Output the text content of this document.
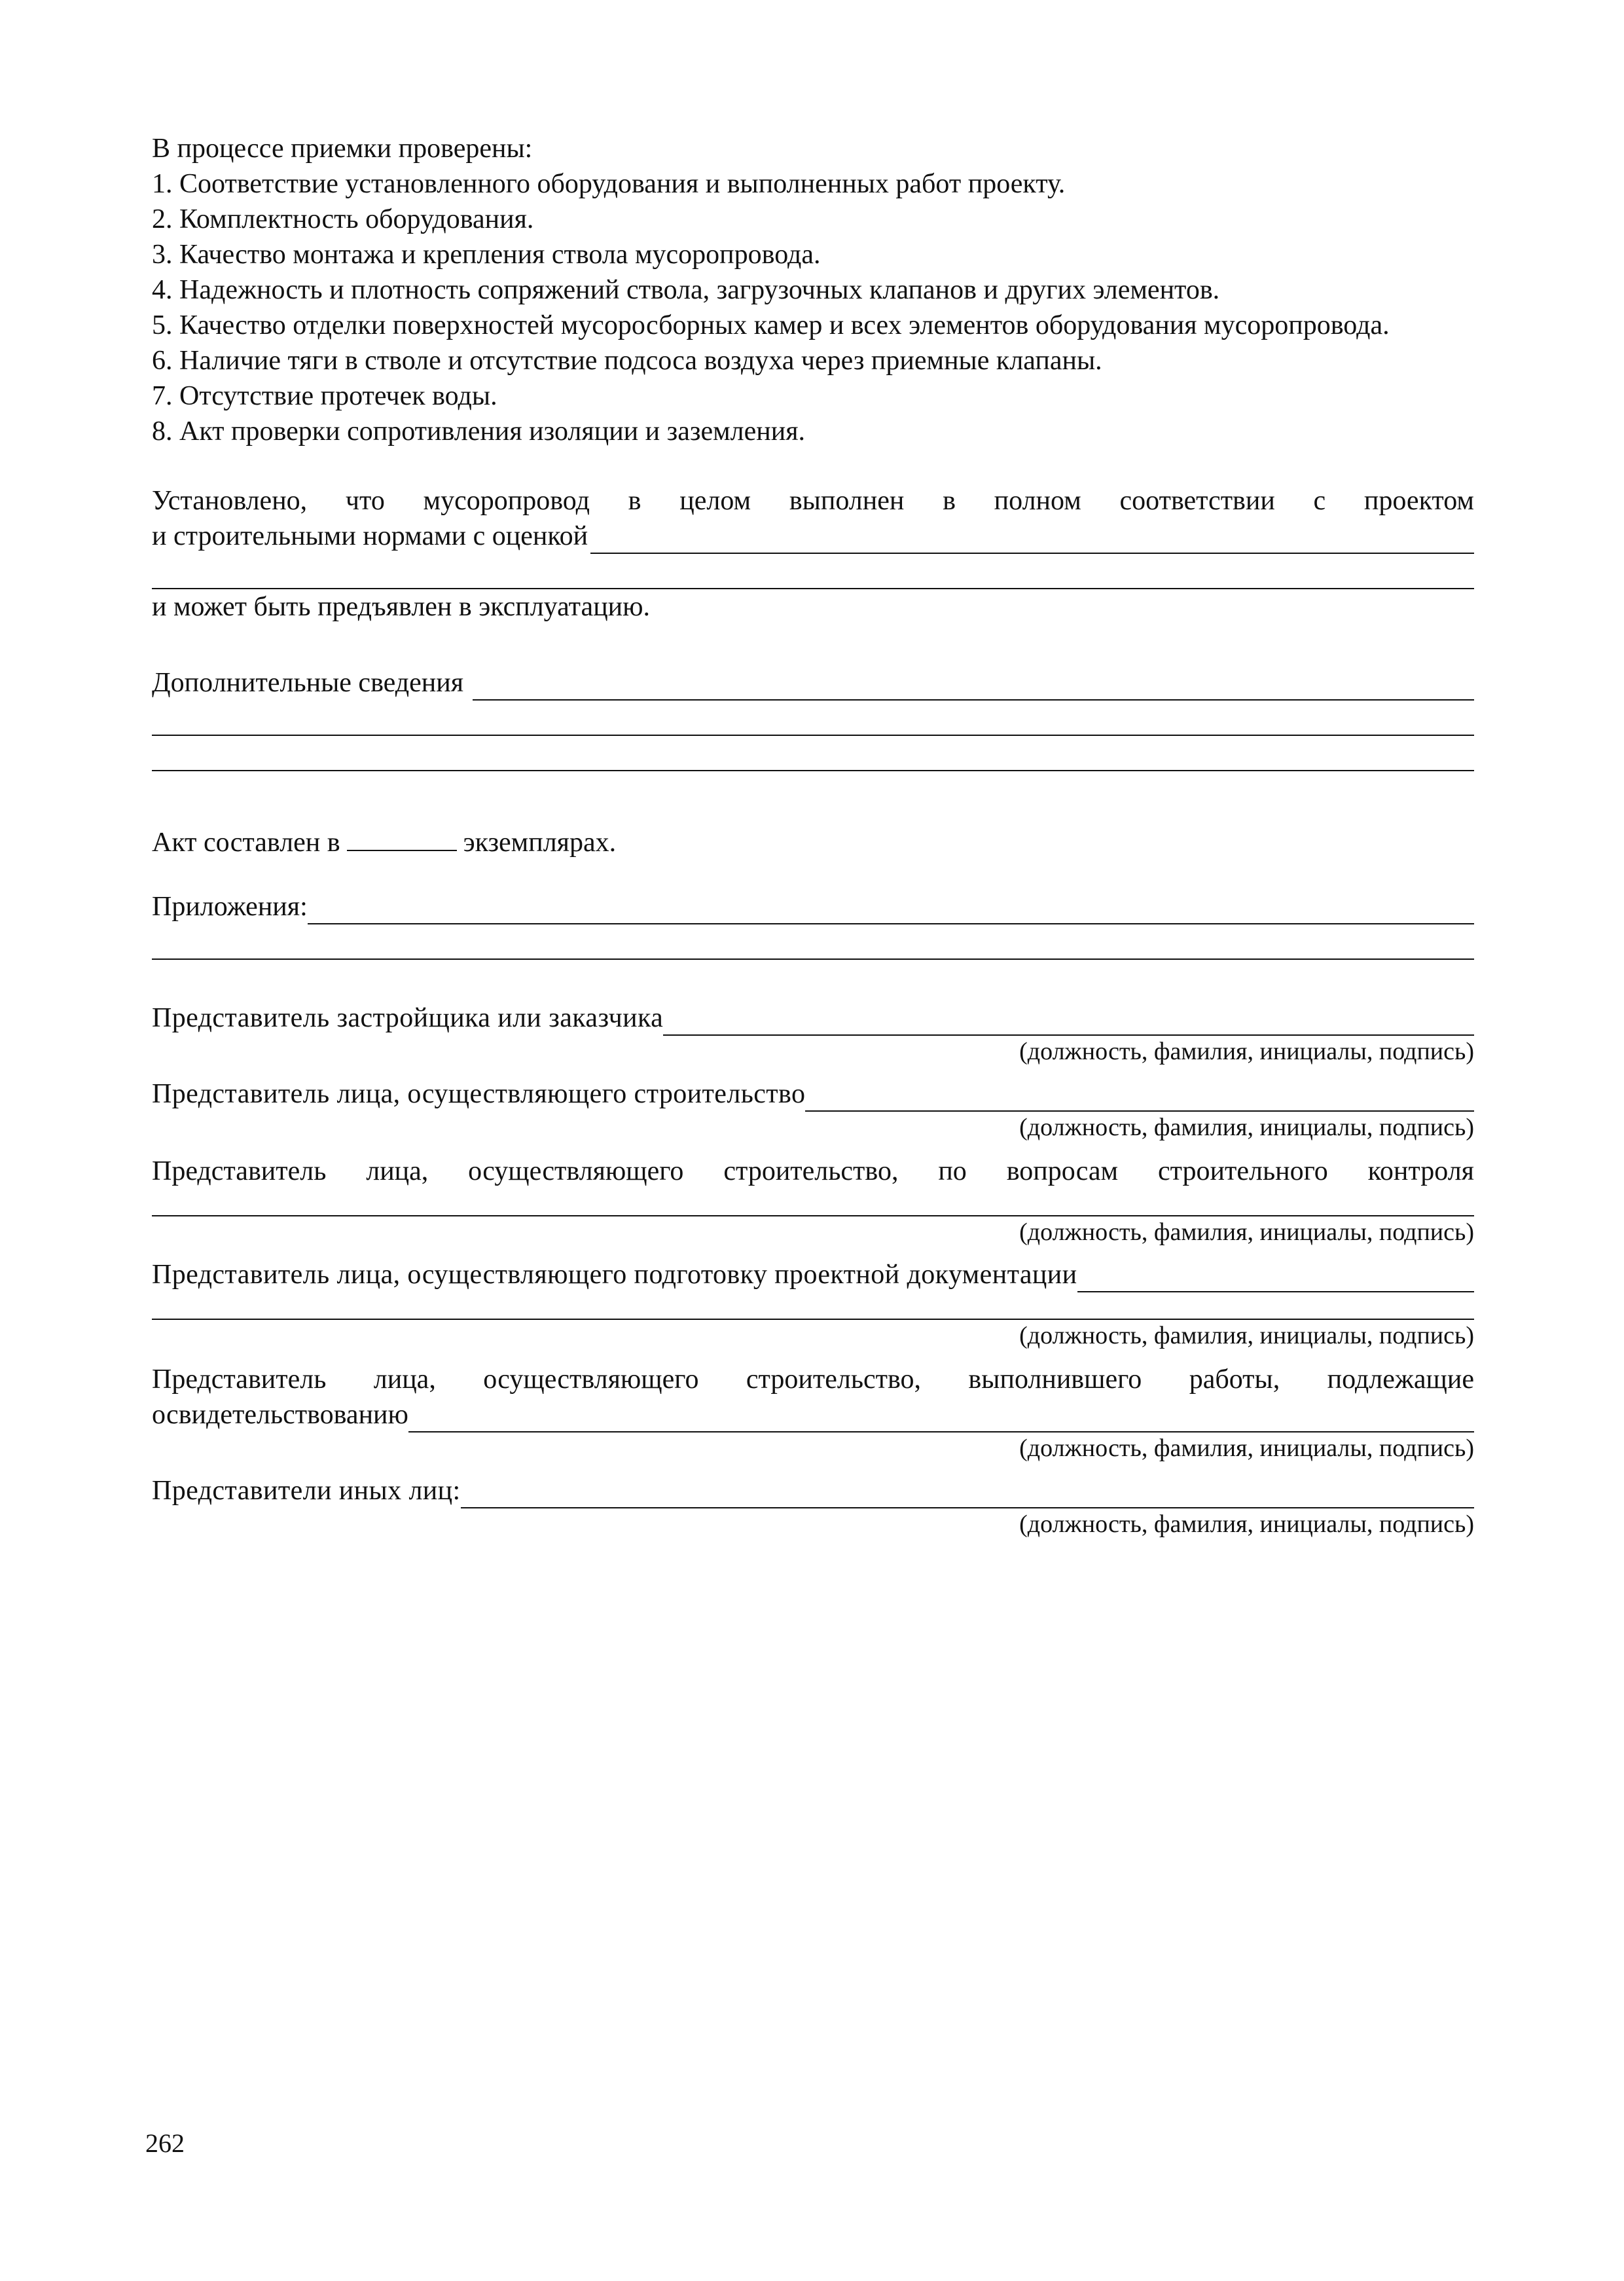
В процессе приемки проверены:

1. Соответствие установленного оборудования и выполненных работ проекту.

2. Комплектность оборудования.

3. Качество монтажа и крепления ствола мусоропровода.

4. Надежность и плотность сопряжений ствола, загрузочных клапанов и других элементов.

5. Качество отделки поверхностей мусоросборных камер и всех элементов оборудования мусоропровода.

6. Наличие тяги в стволе и отсутствие подсоса воздуха через приемные клапаны.

7. Отсутствие протечек воды.

8. Акт проверки сопротивления изоляции и заземления.

Установлено, что мусоропровод в целом выполнен в полном соответствии с проектом

и строительными нормами с оценкой

и может быть предъявлен в эксплуатацию.

Дополнительные сведения

Акт составлен в	экземплярах.

Приложения:
Представитель застройщика или заказчика

(должность, фамилия, инициалы, подпись)

Представитель лица, осуществляющего строительство

(должность, фамилия, инициалы, подпись)

Представитель лица, осуществляющего строительство, по вопросам строительного контроля

(должность, фамилия, инициалы, подпись)

Представитель лица, осуществляющего подготовку проектной документации

(должность, фамилия, инициалы, подпись)

Представитель лица, осуществляющего строительство, выполнившего работы, подлежащие

освидетельствованию

(должность, фамилия, инициалы, подпись)

Представители иных лиц:

(должность, фамилия, инициалы, подпись)

262
